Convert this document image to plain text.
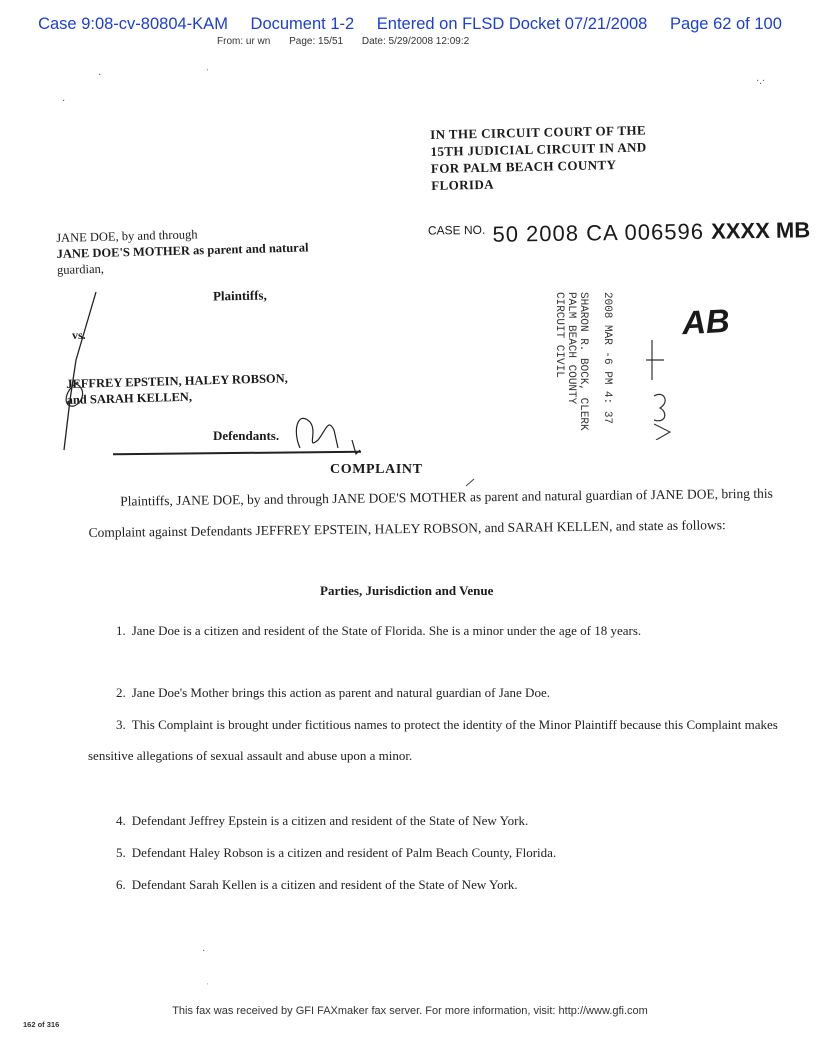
Case 9:08-cv-80804-KAM Document 1-2 Entered on FLSD Docket 07/21/2008 Page 62 of 100
From: ur wn Page: 15/51 Date: 5/29/2008 12:09:2
·	ˈ
·
·.·
IN THE CIRCUIT COURT OF THE
15TH JUDICIAL CIRCUIT IN AND
FOR PALM BEACH COUNTY
FLORIDA
$^{CASE NO.}$ 50 2008 CA 006596 XXXX MB
JANE DOE, by and through
JANE DOE'S MOTHER as parent and natural
guardian,
Plaintiffs,
vs.
JEFFREY EPSTEIN, HALEY ROBSON,
and SARAH KELLEN,
Defendants.
2008 MAR -6 PM 4: 37
SHARON R. BOCK, CLERK
PALM BEACH COUNTY
CIRCUIT CIVIL	AB
COMPLAINT
Plaintiffs, JANE DOE, by and through JANE DOE'S MOTHER as parent and natural guardian of JANE DOE, bring this Complaint against Defendants JEFFREY EPSTEIN, HALEY ROBSON, and SARAH KELLEN, and state as follows:
Parties, Jurisdiction and Venue
1. Jane Doe is a citizen and resident of the State of Florida. She is a minor under the age of 18 years.
2. Jane Doe's Mother brings this action as parent and natural guardian of Jane Doe.
3. This Complaint is brought under fictitious names to protect the identity of the Minor Plaintiff because this Complaint makes sensitive allegations of sexual assault and abuse upon a minor.
4. Defendant Jeffrey Epstein is a citizen and resident of the State of New York.
5. Defendant Haley Robson is a citizen and resident of Palm Beach County, Florida.
6. Defendant Sarah Kellen is a citizen and resident of the State of New York.
·
ˈ
This fax was received by GFI FAXmaker fax server. For more information, visit: http://www.gfi.com
162 of 316
